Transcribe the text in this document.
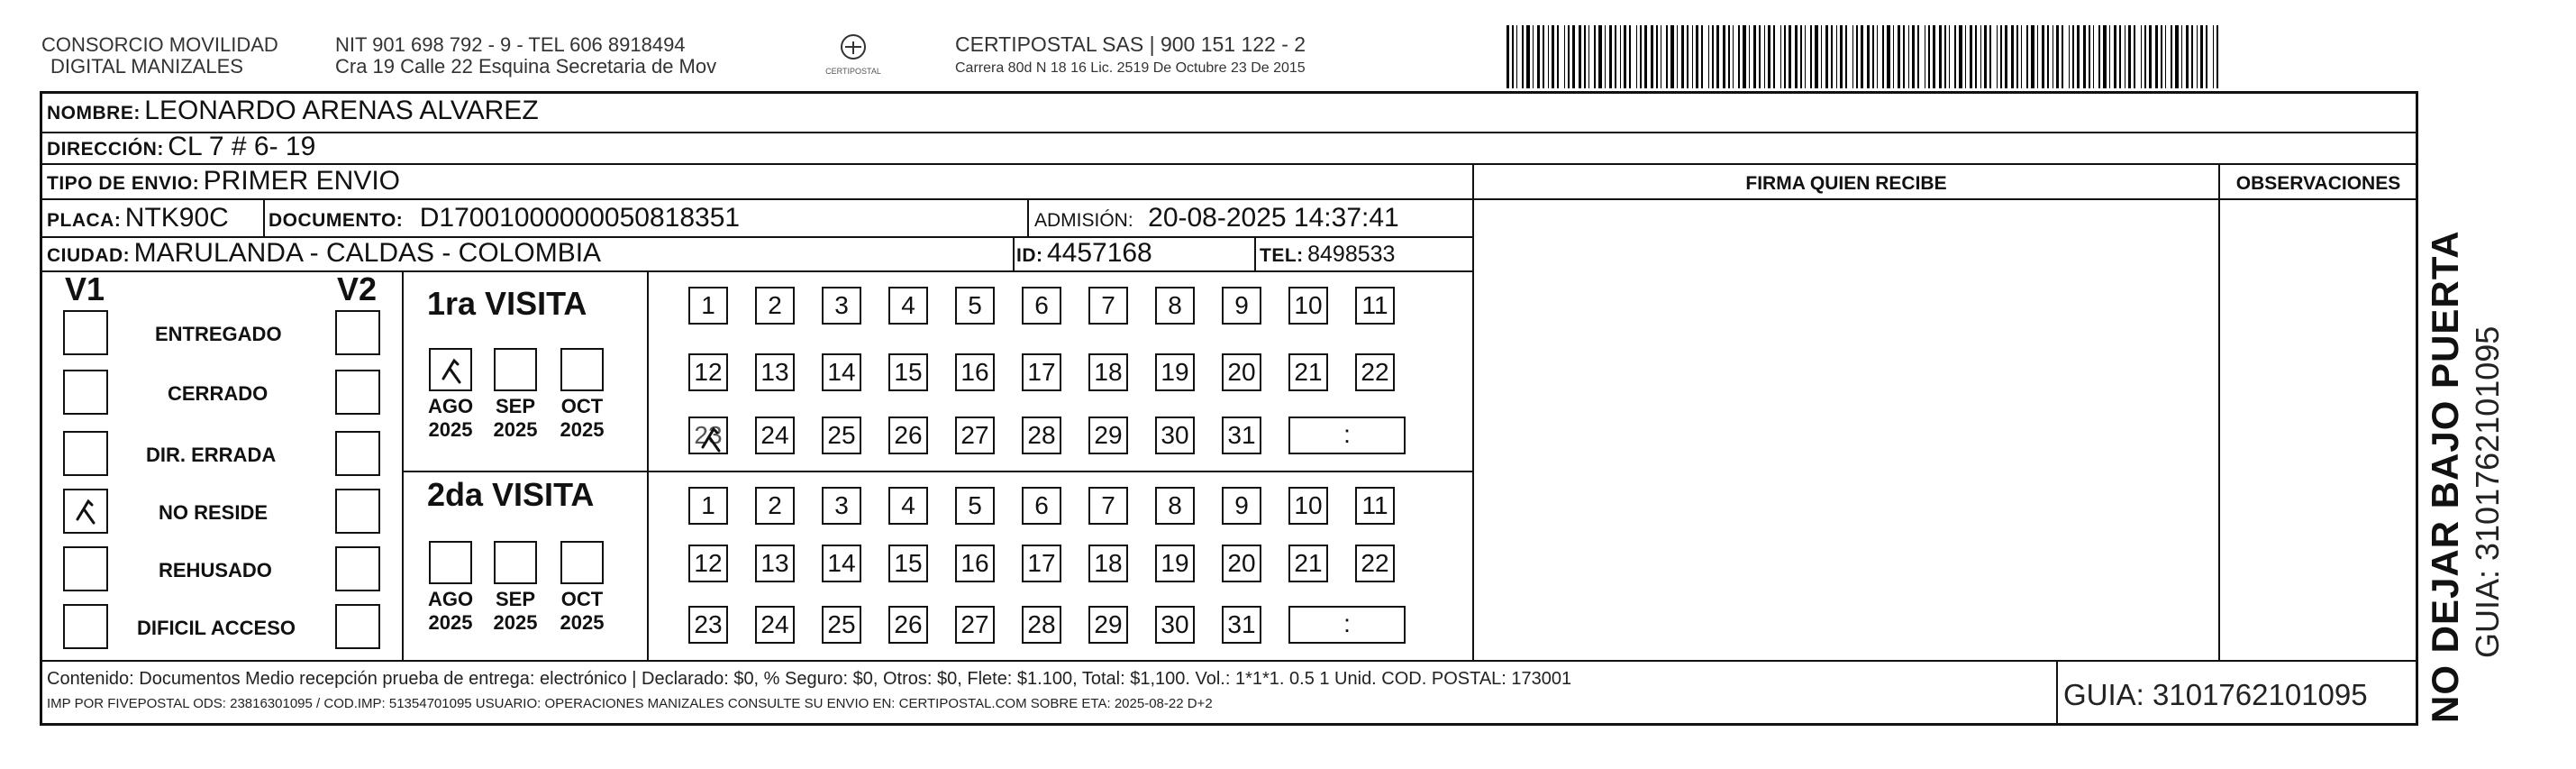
CONSORCIO MOVILIDAD
DIGITAL MANIZALES
NIT 901 698 792 - 9 - TEL 606 8918494
Cra 19 Calle 22 Esquina Secretaria de Mov	CERTIPOSTAL
CERTIPOSTAL SAS | 900 151 122 - 2
Carrera 80d N 18 16 Lic. 2519 De Octubre 23 De 2015
NOMBRE: LEONARDO ARENAS ALVAREZ
DIRECCIÓN: CL 7 # 6- 19
TIPO DE ENVIO: PRIMER ENVIO	FIRMA QUIEN RECIBE	OBSERVACIONES
PLACA: NTK90C DOCUMENTO: D17001000000050818351	ADMISIÓN: 20-08-2025 14:37:41
CIUDAD: MARULANDA - CALDAS - COLOMBIA	ID: 4457168	TEL: 8498533
V1	V2
ENTREGADO
CERRADO
DIR. ERRADA
NO RESIDE
REHUSADO
DIFICIL ACCESO
1ra VISITA
2da VISITA
AGO
2025
SEP
2025
OCT
2025
AGO
2025
SEP
2025
OCT
2025
1	2	3	4	5	6	7	8	9	10 11
12 13 14 15 16 17 18 19 20 21 22
23 24 25 26 27 28 29 30 31	:
1	2	3	4	5	6	7	8	9	10 11
12 13 14 15 16 17 18 19 20 21 22
23 24 25 26 27 28 29 30 31	:
Contenido: Documentos Medio recepción prueba de entrega: electrónico | Declarado: $0, % Seguro: $0, Otros: $0, Flete: $1.100, Total: $1,100. Vol.: 1*1*1. 0.5 1 Unid. COD. POSTAL: 173001
IMP POR FIVEPOSTAL ODS: 23816301095 / COD.IMP: 51354701095 USUARIO: OPERACIONES MANIZALES CONSULTE SU ENVIO EN: CERTIPOSTAL.COM SOBRE ETA: 2025-08-22 D+2	GUIA: 3101762101095 NO DEJAR BAJO PUERTA GUIA: 3101762101095
